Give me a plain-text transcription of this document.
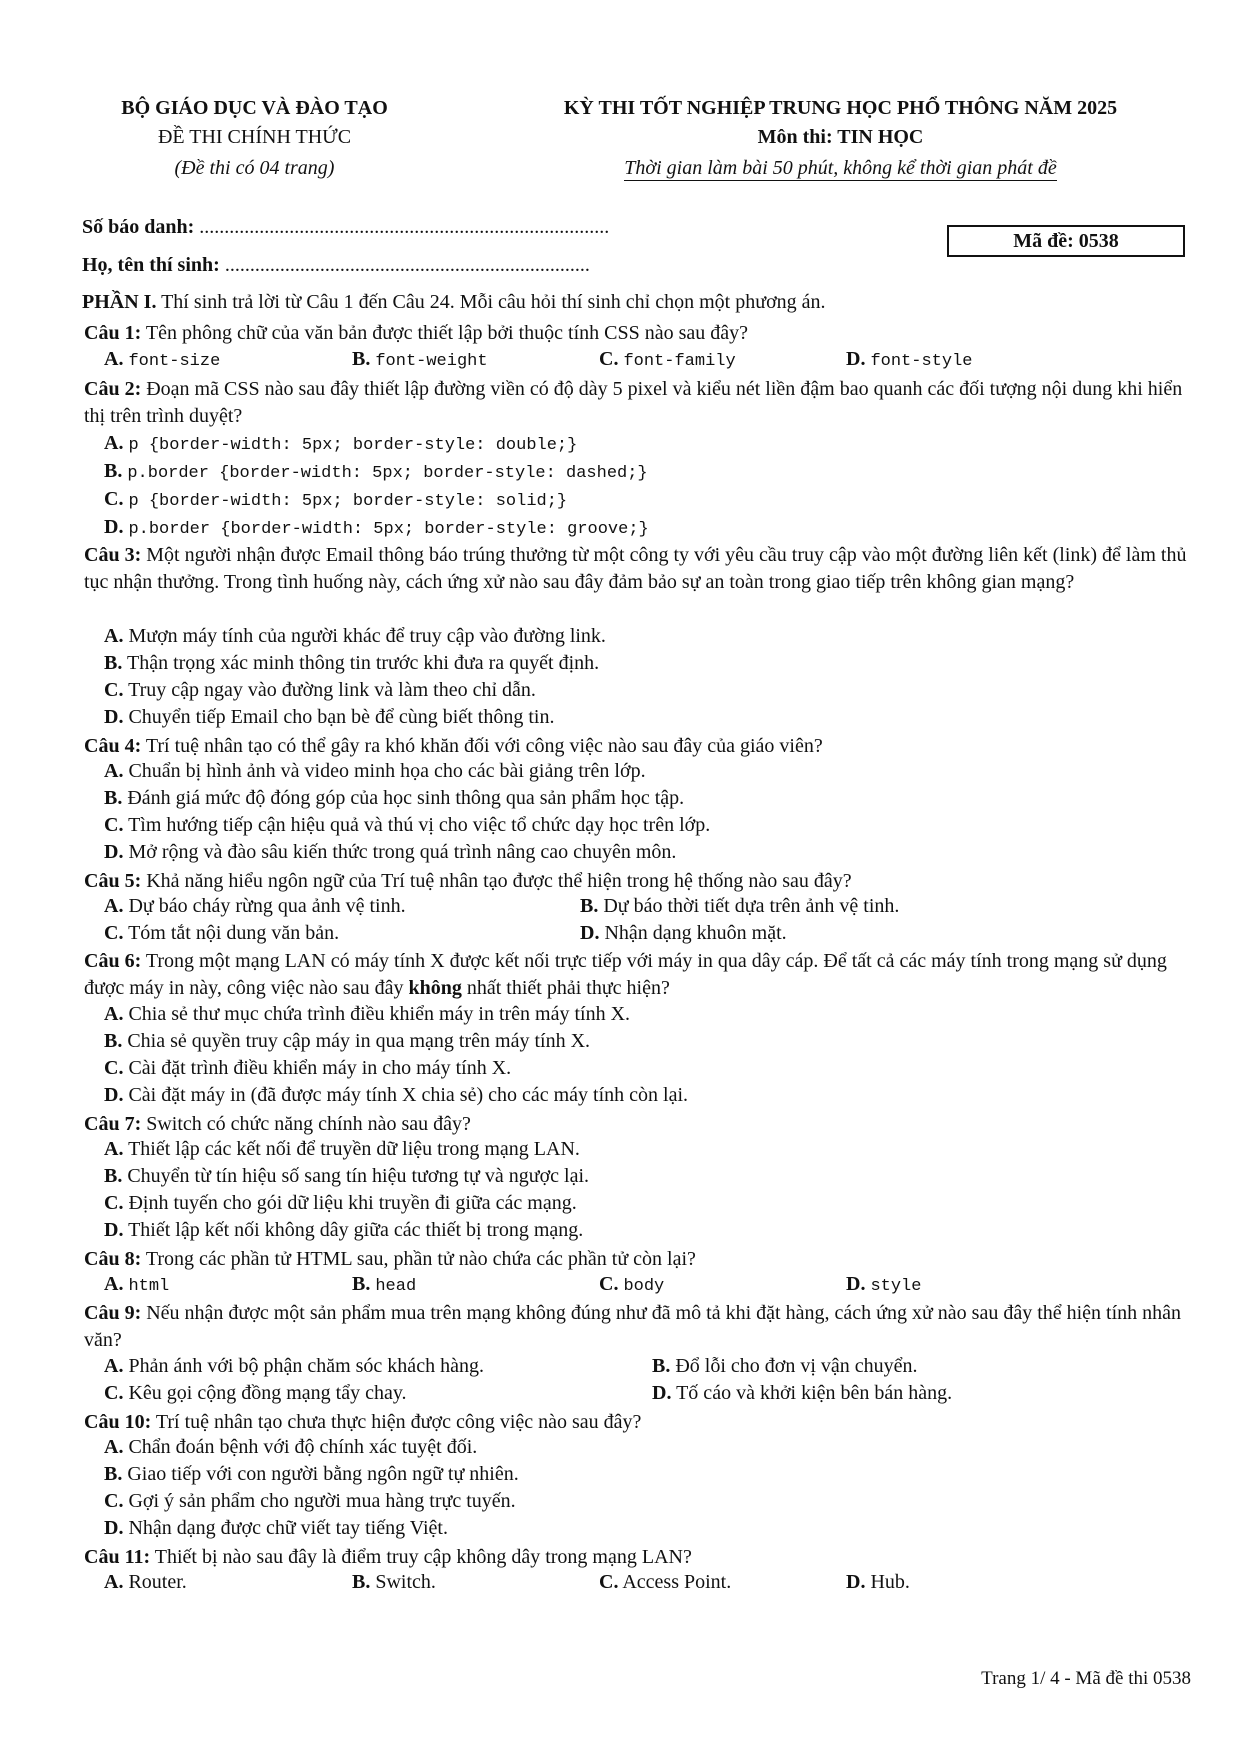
BỘ GIÁO DỤC VÀ ĐÀO TẠO
ĐỀ THI CHÍNH THỨC
(Đề thi có 04 trang)
KỲ THI TỐT NGHIỆP TRUNG HỌC PHỔ THÔNG NĂM 2025
Môn thi: TIN HỌC
Thời gian làm bài 50 phút, không kể thời gian phát đề
Số báo danh: ..................................................................................
Mã đề: 0538
Họ, tên thí sinh: .........................................................................
PHẦN I. Thí sinh trả lời từ Câu 1 đến Câu 24. Mỗi câu hỏi thí sinh chỉ chọn một phương án.
Câu 1: Tên phông chữ của văn bản được thiết lập bởi thuộc tính CSS nào sau đây?
A. font-size	B. font-weight	C. font-family	D. font-style
Câu 2: Đoạn mã CSS nào sau đây thiết lập đường viền có độ dày 5 pixel và kiểu nét liền đậm bao quanh các đối tượng nội dung khi hiển thị trên trình duyệt?
A. p {border-width: 5px; border-style: double;}
B. p.border {border-width: 5px; border-style: dashed;}
C. p {border-width: 5px; border-style: solid;}
D. p.border {border-width: 5px; border-style: groove;}
Câu 3: Một người nhận được Email thông báo trúng thưởng từ một công ty với yêu cầu truy cập vào một đường liên kết (link) để làm thủ tục nhận thưởng. Trong tình huống này, cách ứng xử nào sau đây đảm bảo sự an toàn trong giao tiếp trên không gian mạng?
A. Mượn máy tính của người khác để truy cập vào đường link.
B. Thận trọng xác minh thông tin trước khi đưa ra quyết định.
C. Truy cập ngay vào đường link và làm theo chỉ dẫn.
D. Chuyển tiếp Email cho bạn bè để cùng biết thông tin.
Câu 4: Trí tuệ nhân tạo có thể gây ra khó khăn đối với công việc nào sau đây của giáo viên?
A. Chuẩn bị hình ảnh và video minh họa cho các bài giảng trên lớp.
B. Đánh giá mức độ đóng góp của học sinh thông qua sản phẩm học tập.
C. Tìm hướng tiếp cận hiệu quả và thú vị cho việc tổ chức dạy học trên lớp.
D. Mở rộng và đào sâu kiến thức trong quá trình nâng cao chuyên môn.
Câu 5: Khả năng hiểu ngôn ngữ của Trí tuệ nhân tạo được thể hiện trong hệ thống nào sau đây?
A. Dự báo cháy rừng qua ảnh vệ tinh.	B. Dự báo thời tiết dựa trên ảnh vệ tinh.
C. Tóm tắt nội dung văn bản.	D. Nhận dạng khuôn mặt.
Câu 6: Trong một mạng LAN có máy tính X được kết nối trực tiếp với máy in qua dây cáp. Để tất cả các máy tính trong mạng sử dụng được máy in này, công việc nào sau đây không nhất thiết phải thực hiện?
A. Chia sẻ thư mục chứa trình điều khiển máy in trên máy tính X.
B. Chia sẻ quyền truy cập máy in qua mạng trên máy tính X.
C. Cài đặt trình điều khiển máy in cho máy tính X.
D. Cài đặt máy in (đã được máy tính X chia sẻ) cho các máy tính còn lại.
Câu 7: Switch có chức năng chính nào sau đây?
A. Thiết lập các kết nối để truyền dữ liệu trong mạng LAN.
B. Chuyển từ tín hiệu số sang tín hiệu tương tự và ngược lại.
C. Định tuyến cho gói dữ liệu khi truyền đi giữa các mạng.
D. Thiết lập kết nối không dây giữa các thiết bị trong mạng.
Câu 8: Trong các phần tử HTML sau, phần tử nào chứa các phần tử còn lại?
A. html	B. head	C. body	D. style
Câu 9: Nếu nhận được một sản phẩm mua trên mạng không đúng như đã mô tả khi đặt hàng, cách ứng xử nào sau đây thể hiện tính nhân văn?
A. Phản ánh với bộ phận chăm sóc khách hàng.	B. Đổ lỗi cho đơn vị vận chuyển.
C. Kêu gọi cộng đồng mạng tẩy chay.	D. Tố cáo và khởi kiện bên bán hàng.
Câu 10: Trí tuệ nhân tạo chưa thực hiện được công việc nào sau đây?
A. Chẩn đoán bệnh với độ chính xác tuyệt đối.
B. Giao tiếp với con người bằng ngôn ngữ tự nhiên.
C. Gợi ý sản phẩm cho người mua hàng trực tuyến.
D. Nhận dạng được chữ viết tay tiếng Việt.
Câu 11: Thiết bị nào sau đây là điểm truy cập không dây trong mạng LAN?
A. Router.	B. Switch.	C. Access Point.	D. Hub.
Trang 1/ 4 - Mã đề thi 0538
